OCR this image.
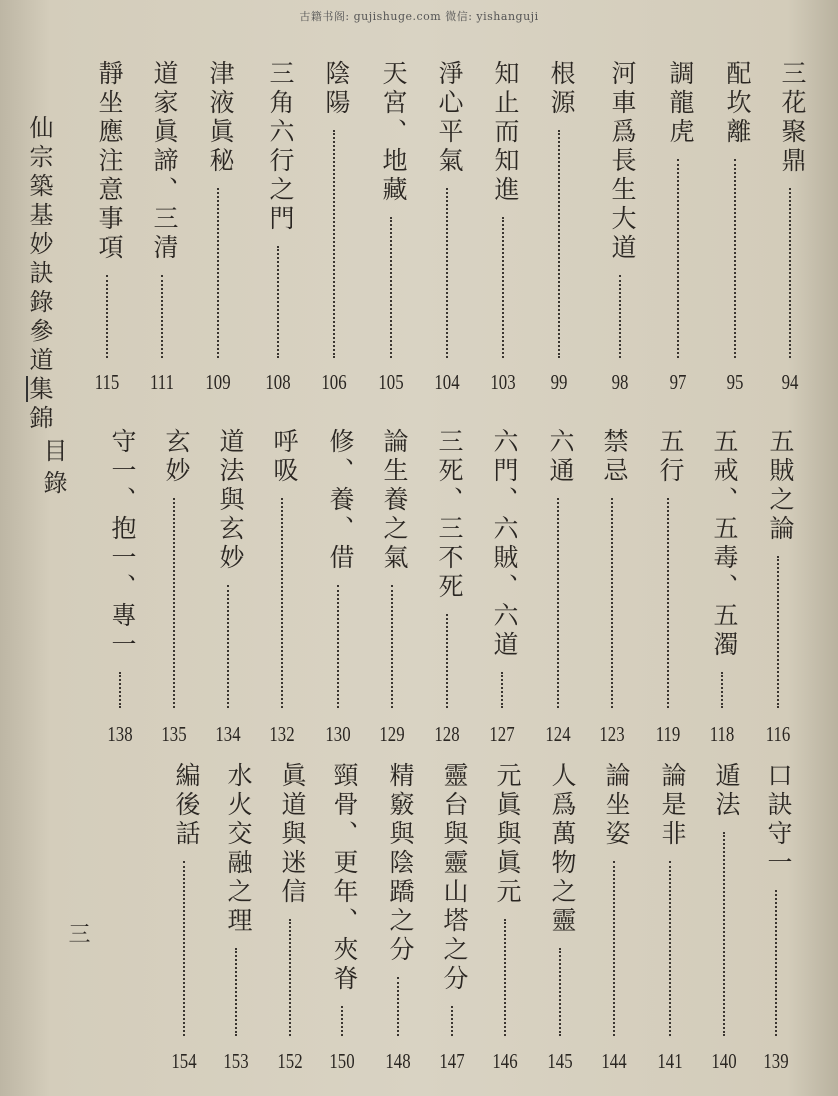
古籍书阁: gujishuge.com 微信: yishanguji
仙宗築基妙訣錄
參道集錦
目錄
三
三花聚鼎
94
配坎離
95
調龍虎
97
河車爲長生大道
98
根源
99
知止而知進
103
淨心平氣
104
天宮、地藏
105
陰陽
106
三角六行之門
108
津液眞秘
109
道家眞諦、三清
111
靜坐應注意事項
115
五賊之論
116
五戒、五毒、五濁
118
五行
119
禁忌
123
六通
124
六門、六賊、六道
127
三死、三不死
128
論生養之氣
129
修、養、借
130
呼吸
132
道法與玄妙
134
玄妙
135
守一、抱一、專一
138
口訣守一
139
遁法
140
論是非
141
論坐姿
144
人爲萬物之靈
145
元眞與眞元
146
靈台與靈山塔之分
147
精竅與陰蹻之分
148
頸骨、更年、夾脊
150
眞道與迷信
152
水火交融之理
153
編後話
154
